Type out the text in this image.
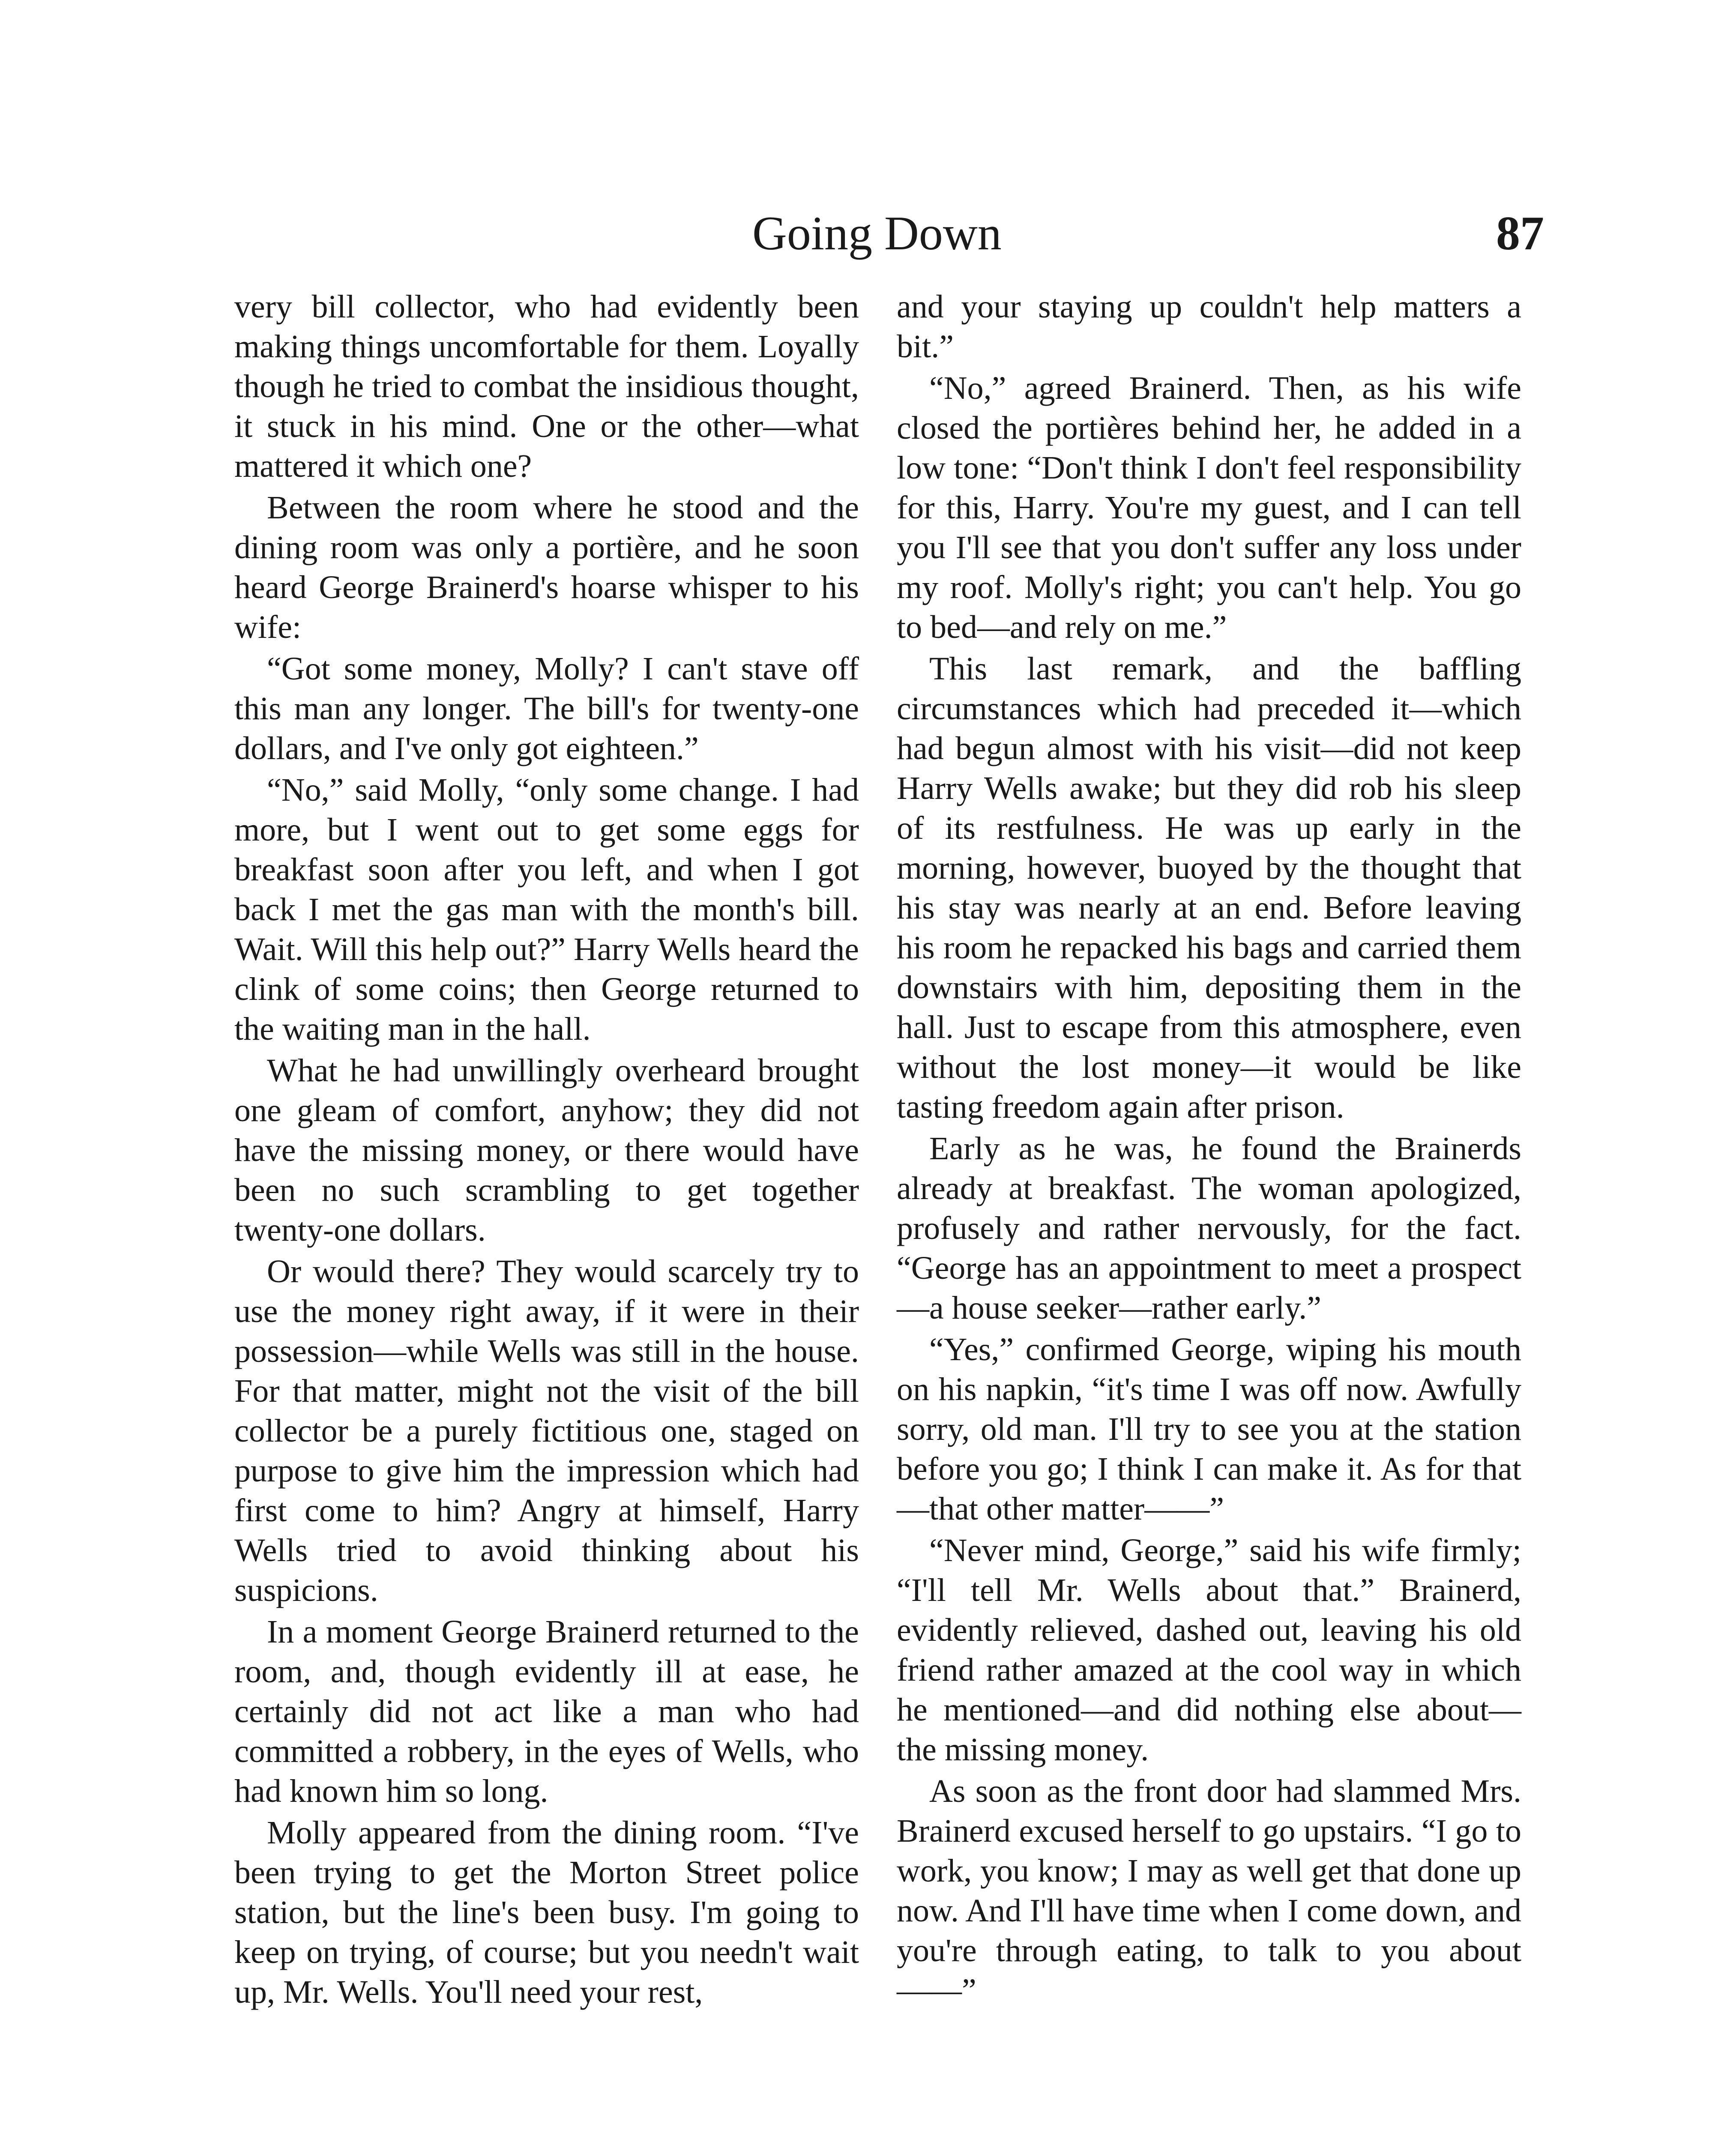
Going Down	87

very bill collector, who had evidently been making things uncomfortable for them. Loyally though he tried to combat the insidious thought, it stuck in his mind. One or the other—what mattered it which one?

Between the room where he stood and the dining room was only a portière, and he soon heard George Brainerd's hoarse whisper to his wife:

“Got some money, Molly? I can't stave off this man any longer. The bill's for twenty-one dollars, and I've only got eighteen.”

“No,” said Molly, “only some change. I had more, but I went out to get some eggs for breakfast soon after you left, and when I got back I met the gas man with the month's bill. Wait. Will this help out?” Harry Wells heard the clink of some coins; then George returned to the waiting man in the hall.

What he had unwillingly overheard brought one gleam of comfort, anyhow; they did not have the missing money, or there would have been no such scrambling to get together twenty-one dollars.

Or would there? They would scarcely try to use the money right away, if it were in their possession—while Wells was still in the house. For that matter, might not the visit of the bill collector be a purely fictitious one, staged on purpose to give him the impression which had first come to him? Angry at himself, Harry Wells tried to avoid thinking about his suspicions.

In a moment George Brainerd returned to the room, and, though evidently ill at ease, he certainly did not act like a man who had committed a robbery, in the eyes of Wells, who had known him so long.

Molly appeared from the dining room. “I've been trying to get the Morton Street police station, but the line's been busy. I'm going to keep on trying, of course; but you needn't wait up, Mr. Wells. You'll need your rest,

and your staying up couldn't help matters a bit.”

“No,” agreed Brainerd. Then, as his wife closed the portières behind her, he added in a low tone: “Don't think I don't feel responsibility for this, Harry. You're my guest, and I can tell you I'll see that you don't suffer any loss under my roof. Molly's right; you can't help. You go to bed—and rely on me.”

This last remark, and the baffling circumstances which had preceded it—which had begun almost with his visit—did not keep Harry Wells awake; but they did rob his sleep of its restfulness. He was up early in the morning, however, buoyed by the thought that his stay was nearly at an end. Before leaving his room he repacked his bags and carried them downstairs with him, depositing them in the hall. Just to escape from this atmosphere, even without the lost money—it would be like tasting freedom again after prison.

Early as he was, he found the Brainerds already at breakfast. The woman apologized, profusely and rather nervously, for the fact. “George has an appointment to meet a prospect—a house seeker—rather early.”

“Yes,” confirmed George, wiping his mouth on his napkin, “it's time I was off now. Awfully sorry, old man. I'll try to see you at the station before you go; I think I can make it. As for that—that other matter——”

“Never mind, George,” said his wife firmly; “I'll tell Mr. Wells about that.” Brainerd, evidently relieved, dashed out, leaving his old friend rather amazed at the cool way in which he mentioned—and did nothing else about—the missing money.

As soon as the front door had slammed Mrs. Brainerd excused herself to go upstairs. “I go to work, you know; I may as well get that done up now. And I'll have time when I come down, and you're through eating, to talk to you about——”
